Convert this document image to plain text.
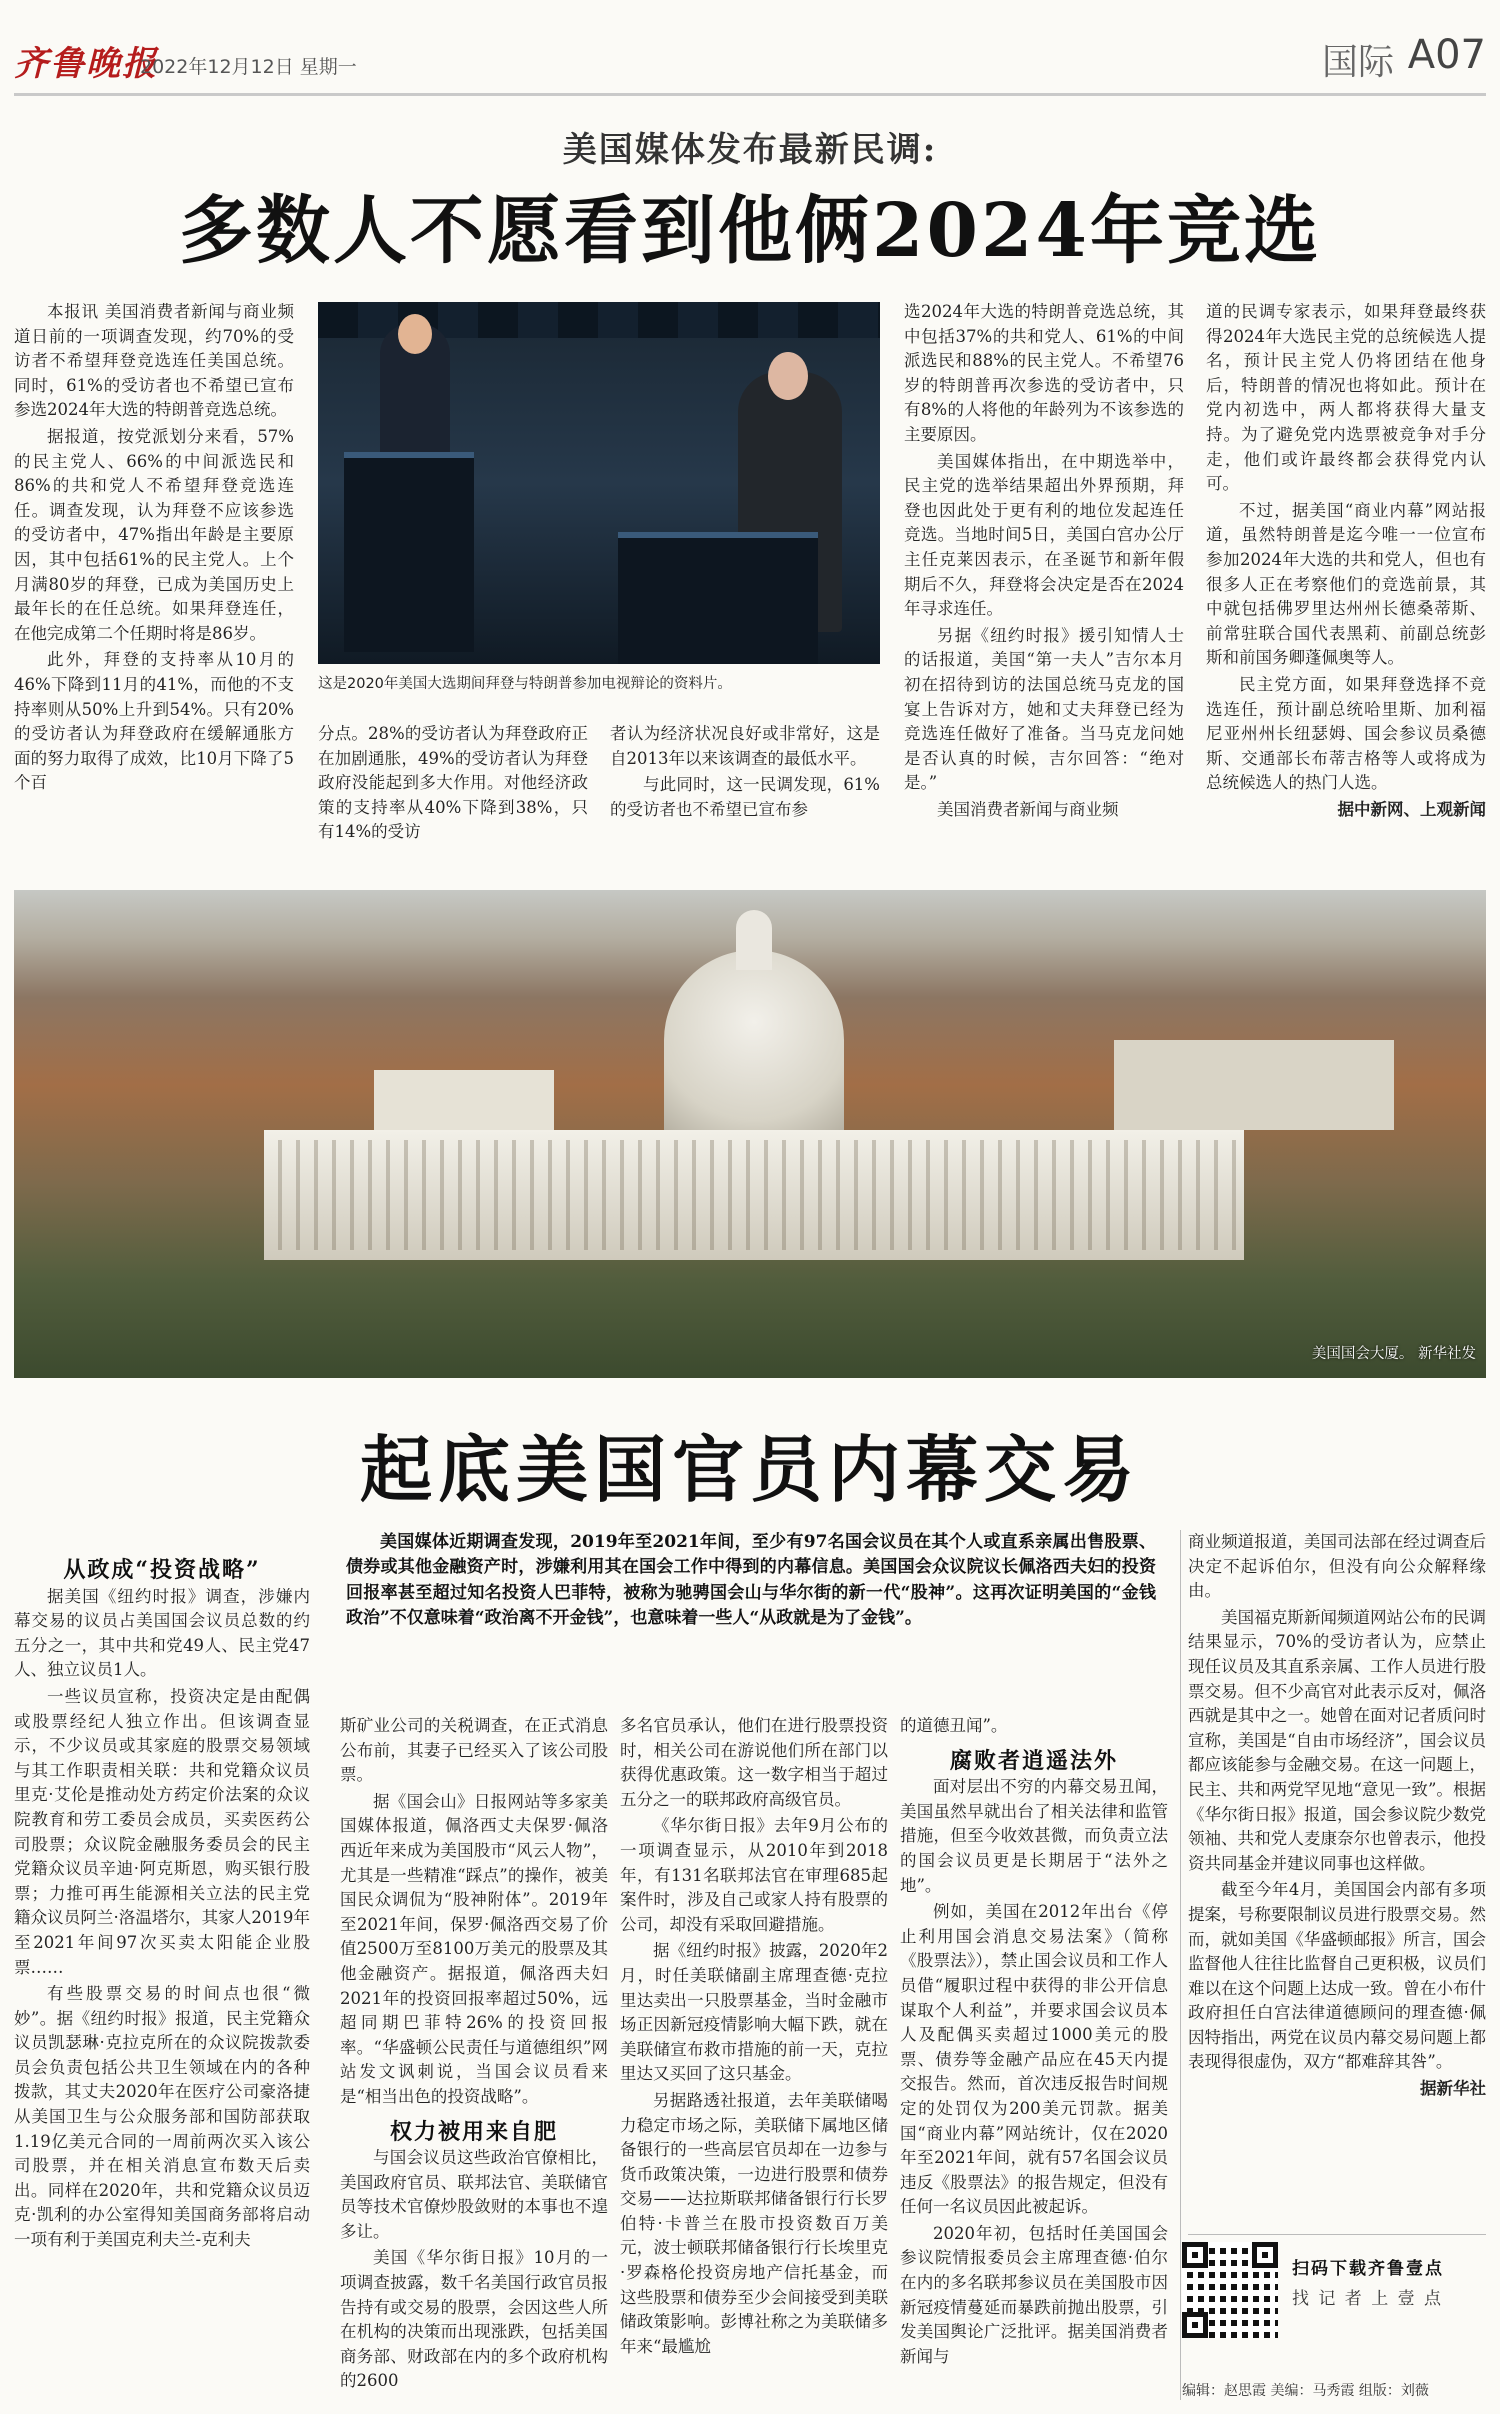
齐鲁晚报
2022年12月12日 星期一	国际 A07
美国媒体发布最新民调:
多数人不愿看到他俩2024年竞选

本报讯 美国消费者新闻与商业频道日前的一项调查发现，约70%的受访者不希望拜登竞选连任美国总统。同时，61%的受访者也不希望已宣布参选2024年大选的特朗普竞选总统。

据报道，按党派划分来看，57%的民主党人、66%的中间派选民和86%的共和党人不希望拜登竞选连任。调查发现，认为拜登不应该参选的受访者中，47%指出年龄是主要原因，其中包括61%的民主党人。上个月满80岁的拜登，已成为美国历史上最年长的在任总统。如果拜登连任，在他完成第二个任期时将是86岁。

此外，拜登的支持率从10月的46%下降到11月的41%，而他的不支持率则从50%上升到54%。只有20%的受访者认为拜登政府在缓解通胀方面的努力取得了成效，比10月下降了5个百

这是2020年美国大选期间拜登与特朗普参加电视辩论的资料片。

分点。28%的受访者认为拜登政府正在加剧通胀，49%的受访者认为拜登政府没能起到多大作用。对他经济政策的支持率从40%下降到38%，只有14%的受访

者认为经济状况良好或非常好，这是自2013年以来该调查的最低水平。

与此同时，这一民调发现，61%的受访者也不希望已宣布参

选2024年大选的特朗普竞选总统，其中包括37%的共和党人、61%的中间派选民和88%的民主党人。不希望76岁的特朗普再次参选的受访者中，只有8%的人将他的年龄列为不该参选的主要原因。

美国媒体指出，在中期选举中，民主党的选举结果超出外界预期，拜登也因此处于更有利的地位发起连任竞选。当地时间5日，美国白宫办公厅主任克莱因表示，在圣诞节和新年假期后不久，拜登将会决定是否在2024年寻求连任。

另据《纽约时报》援引知情人士的话报道，美国“第一夫人”吉尔本月初在招待到访的法国总统马克龙的国宴上告诉对方，她和丈夫拜登已经为竞选连任做好了准备。当马克龙问她是否认真的时候，吉尔回答：“绝对是。”

美国消费者新闻与商业频

道的民调专家表示，如果拜登最终获得2024年大选民主党的总统候选人提名，预计民主党人仍将团结在他身后，特朗普的情况也将如此。预计在党内初选中，两人都将获得大量支持。为了避免党内选票被竞争对手分走，他们或许最终都会获得党内认可。

不过，据美国“商业内幕”网站报道，虽然特朗普是迄今唯一一位宣布参加2024年大选的共和党人，但也有很多人正在考察他们的竞选前景，其中就包括佛罗里达州州长德桑蒂斯、前常驻联合国代表黑莉、前副总统彭斯和前国务卿蓬佩奥等人。

民主党方面，如果拜登选择不竞选连任，预计副总统哈里斯、加利福尼亚州州长纽瑟姆、国会参议员桑德斯、交通部长布蒂吉格等人或将成为总统候选人的热门人选。

据中新网、上观新闻

美国国会大厦。 新华社发
起底美国官员内幕交易

美国媒体近期调查发现，2019年至2021年间，至少有97名国会议员在其个人或直系亲属出售股票、债券或其他金融资产时，涉嫌利用其在国会工作中得到的内幕信息。美国国会众议院议长佩洛西夫妇的投资回报率甚至超过知名投资人巴菲特，被称为驰骋国会山与华尔街的新一代“股神”。这再次证明美国的“金钱政治”不仅意味着“政治离不开金钱”，也意味着一些人“从政就是为了金钱”。

从政成“投资战略”

据美国《纽约时报》调查，涉嫌内幕交易的议员占美国国会议员总数的约五分之一，其中共和党49人、民主党47人、独立议员1人。

一些议员宣称，投资决定是由配偶或股票经纪人独立作出。但该调查显示，不少议员或其家庭的股票交易领域与其工作职责相关联：共和党籍众议员里克·艾伦是推动处方药定价法案的众议院教育和劳工委员会成员，买卖医药公司股票；众议院金融服务委员会的民主党籍众议员辛迪·阿克斯恩，购买银行股票；力推可再生能源相关立法的民主党籍众议员阿兰·洛温塔尔，其家人2019年至2021年间97次买卖太阳能企业股票……

有些股票交易的时间点也很“微妙”。据《纽约时报》报道，民主党籍众议员凯瑟琳·克拉克所在的众议院拨款委员会负责包括公共卫生领域在内的各种拨款，其丈夫2020年在医疗公司豪洛捷从美国卫生与公众服务部和国防部获取1.19亿美元合同的一周前两次买入该公司股票，并在相关消息宣布数天后卖出。同样在2020年，共和党籍众议员迈克·凯利的办公室得知美国商务部将启动一项有利于美国克利夫兰-克利夫

斯矿业公司的关税调查，在正式消息公布前，其妻子已经买入了该公司股票。

据《国会山》日报网站等多家美国媒体报道，佩洛西丈夫保罗·佩洛西近年来成为美国股市“风云人物”，尤其是一些精准“踩点”的操作，被美国民众调侃为“股神附体”。2019年至2021年间，保罗·佩洛西交易了价值2500万至8100万美元的股票及其他金融资产。据报道，佩洛西夫妇2021年的投资回报率超过50%，远超同期巴菲特26%的投资回报率。“华盛顿公民责任与道德组织”网站发文讽刺说，当国会议员看来是“相当出色的投资战略”。

权力被用来自肥

与国会议员这些政治官僚相比，美国政府官员、联邦法官、美联储官员等技术官僚炒股敛财的本事也不遑多让。

美国《华尔街日报》10月的一项调查披露，数千名美国行政官员报告持有或交易的股票，会因这些人所在机构的决策而出现涨跌，包括美国商务部、财政部在内的多个政府机构的2600

多名官员承认，他们在进行股票投资时，相关公司在游说他们所在部门以获得优惠政策。这一数字相当于超过五分之一的联邦政府高级官员。

《华尔街日报》去年9月公布的一项调查显示，从2010年到2018年，有131名联邦法官在审理685起案件时，涉及自己或家人持有股票的公司，却没有采取回避措施。

据《纽约时报》披露，2020年2月，时任美联储副主席理查德·克拉里达卖出一只股票基金，当时金融市场正因新冠疫情影响大幅下跌，就在美联储宣布救市措施的前一天，克拉里达又买回了这只基金。

另据路透社报道，去年美联储喝力稳定市场之际，美联储下属地区储备银行的一些高层官员却在一边参与货币政策决策，一边进行股票和债券交易——达拉斯联邦储备银行行长罗伯特·卡普兰在股市投资数百万美元，波士顿联邦储备银行行长埃里克·罗森格伦投资房地产信托基金，而这些股票和债券至少会间接受到美联储政策影响。彭博社称之为美联储多年来“最尴尬

的道德丑闻”。

腐败者逍遥法外

面对层出不穷的内幕交易丑闻，美国虽然早就出台了相关法律和监管措施，但至今收效甚微，而负责立法的国会议员更是长期居于“法外之地”。

例如，美国在2012年出台《停止利用国会消息交易法案》（简称《股票法》），禁止国会议员和工作人员借“履职过程中获得的非公开信息谋取个人利益”，并要求国会议员本人及配偶买卖超过1000美元的股票、债券等金融产品应在45天内提交报告。然而，首次违反报告时间规定的处罚仅为200美元罚款。据美国“商业内幕”网站统计，仅在2020年至2021年间，就有57名国会议员违反《股票法》的报告规定，但没有任何一名议员因此被起诉。

2020年初，包括时任美国国会参议院情报委员会主席理查德·伯尔在内的多名联邦参议员在美国股市因新冠疫情蔓延而暴跌前抛出股票，引发美国舆论广泛批评。据美国消费者新闻与

商业频道报道，美国司法部在经过调查后决定不起诉伯尔，但没有向公众解释缘由。

美国福克斯新闻频道网站公布的民调结果显示，70%的受访者认为，应禁止现任议员及其直系亲属、工作人员进行股票交易。但不少高官对此表示反对，佩洛西就是其中之一。她曾在面对记者质问时宣称，美国是“自由市场经济”，国会议员都应该能参与金融交易。在这一问题上，民主、共和两党罕见地“意见一致”。根据《华尔街日报》报道，国会参议院少数党领袖、共和党人麦康奈尔也曾表示，他投资共同基金并建议同事也这样做。

截至今年4月，美国国会内部有多项提案，号称要限制议员进行股票交易。然而，就如美国《华盛顿邮报》所言，国会监督他人往往比监督自己更积极，议员们难以在这个问题上达成一致。曾在小布什政府担任白宫法律道德顾问的理查德·佩因特指出，两党在议员内幕交易问题上都表现得很虚伪，双方“都难辞其咎”。

据新华社

扫码下载齐鲁壹点
找 记 者 上 壹 点
编辑：赵思霞 美编：马秀霞 组版：刘薇
